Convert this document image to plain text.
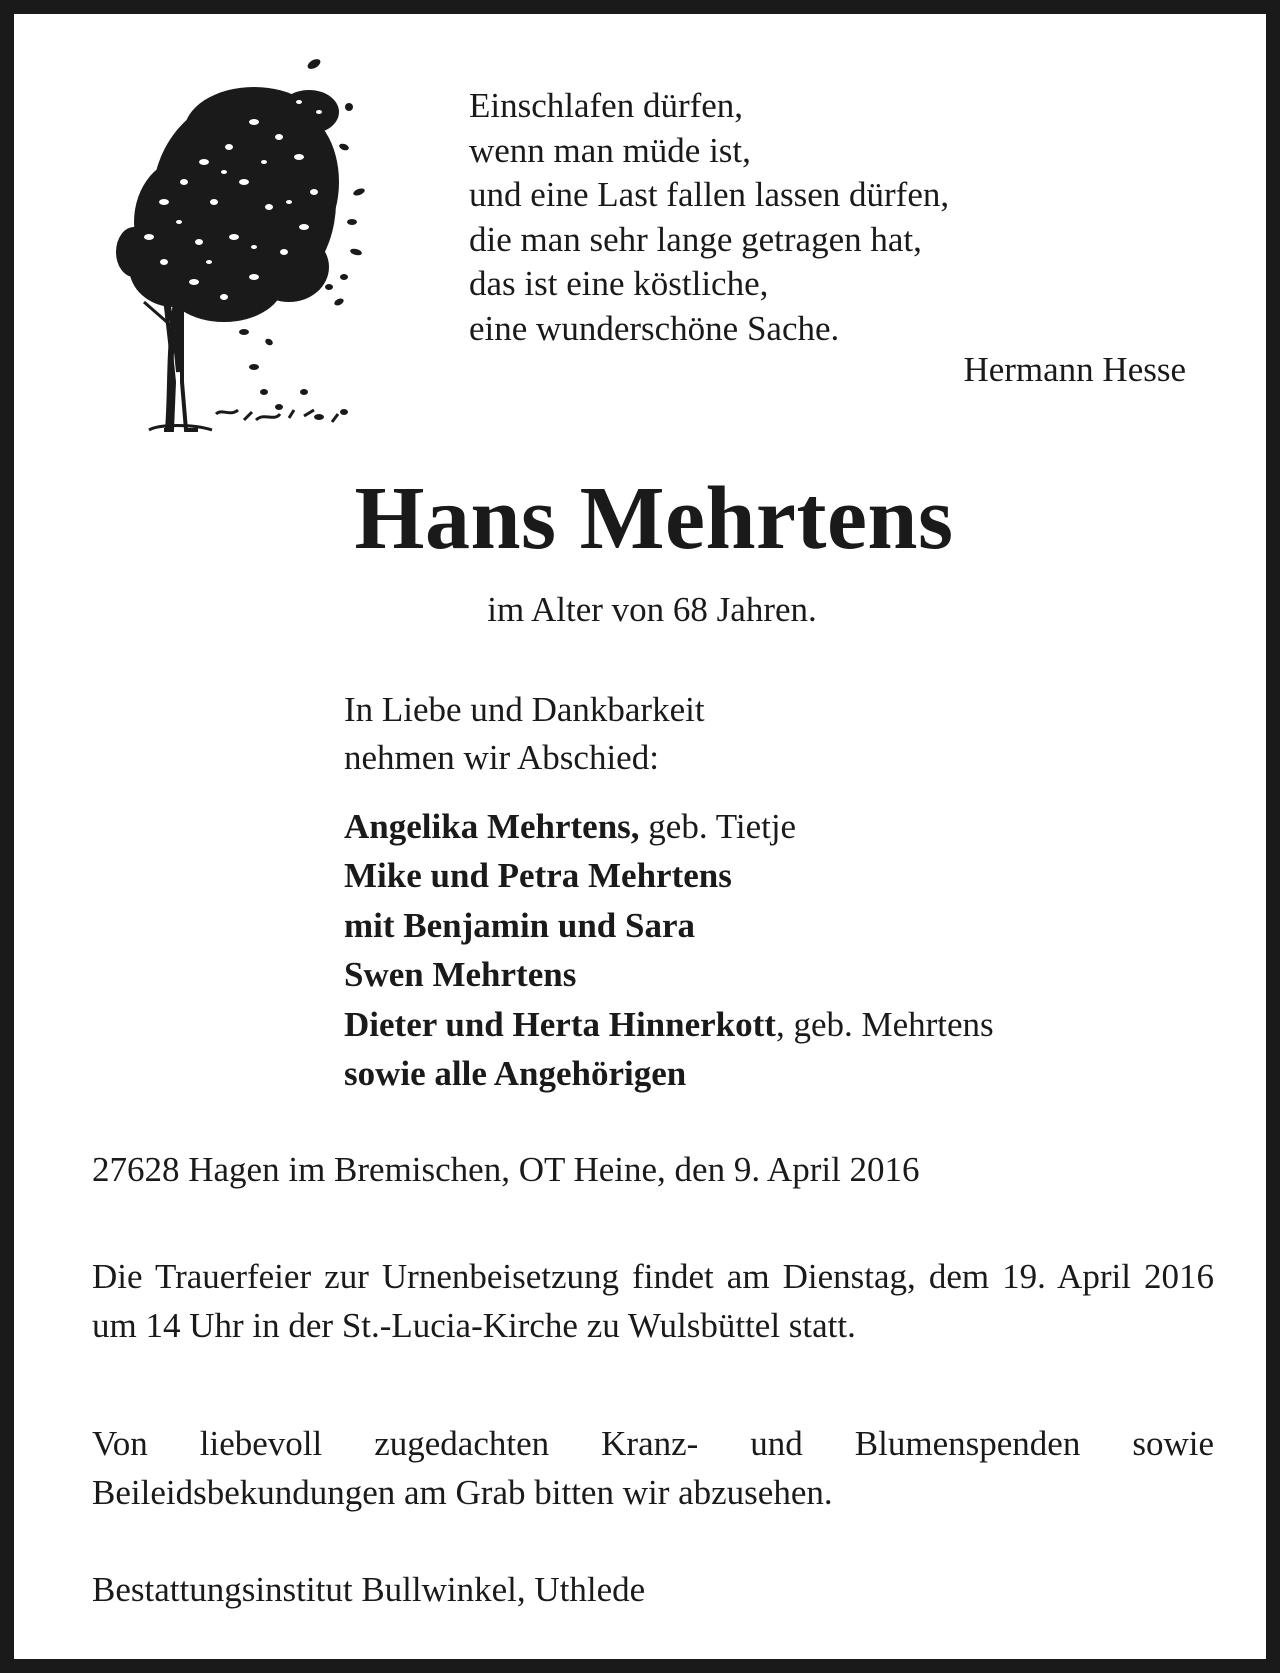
Einschlafen dürfen,
wenn man müde ist,
und eine Last fallen lassen dürfen,
die man sehr lange getragen hat,
das ist eine köstliche,
eine wunderschöne Sache.
Hermann Hesse
Hans Mehrtens
im Alter von 68 Jahren.
In Liebe und Dankbarkeit
nehmen wir Abschied:
Angelika Mehrtens, geb. Tietje
Mike und Petra Mehrtens
mit Benjamin und Sara
Swen Mehrtens
Dieter und Herta Hinnerkott, geb. Mehrtens
sowie alle Angehörigen
27628 Hagen im Bremischen, OT Heine, den 9. April 2016
Die Trauerfeier zur Urnenbeisetzung findet am Dienstag, dem 19. April 2016 um 14 Uhr in der St.-Lucia-Kirche zu Wulsbüttel statt.
Von liebevoll zugedachten Kranz- und Blumenspenden sowie Beileidsbekundungen am Grab bitten wir abzusehen.
Bestattungsinstitut Bullwinkel, Uthlede
